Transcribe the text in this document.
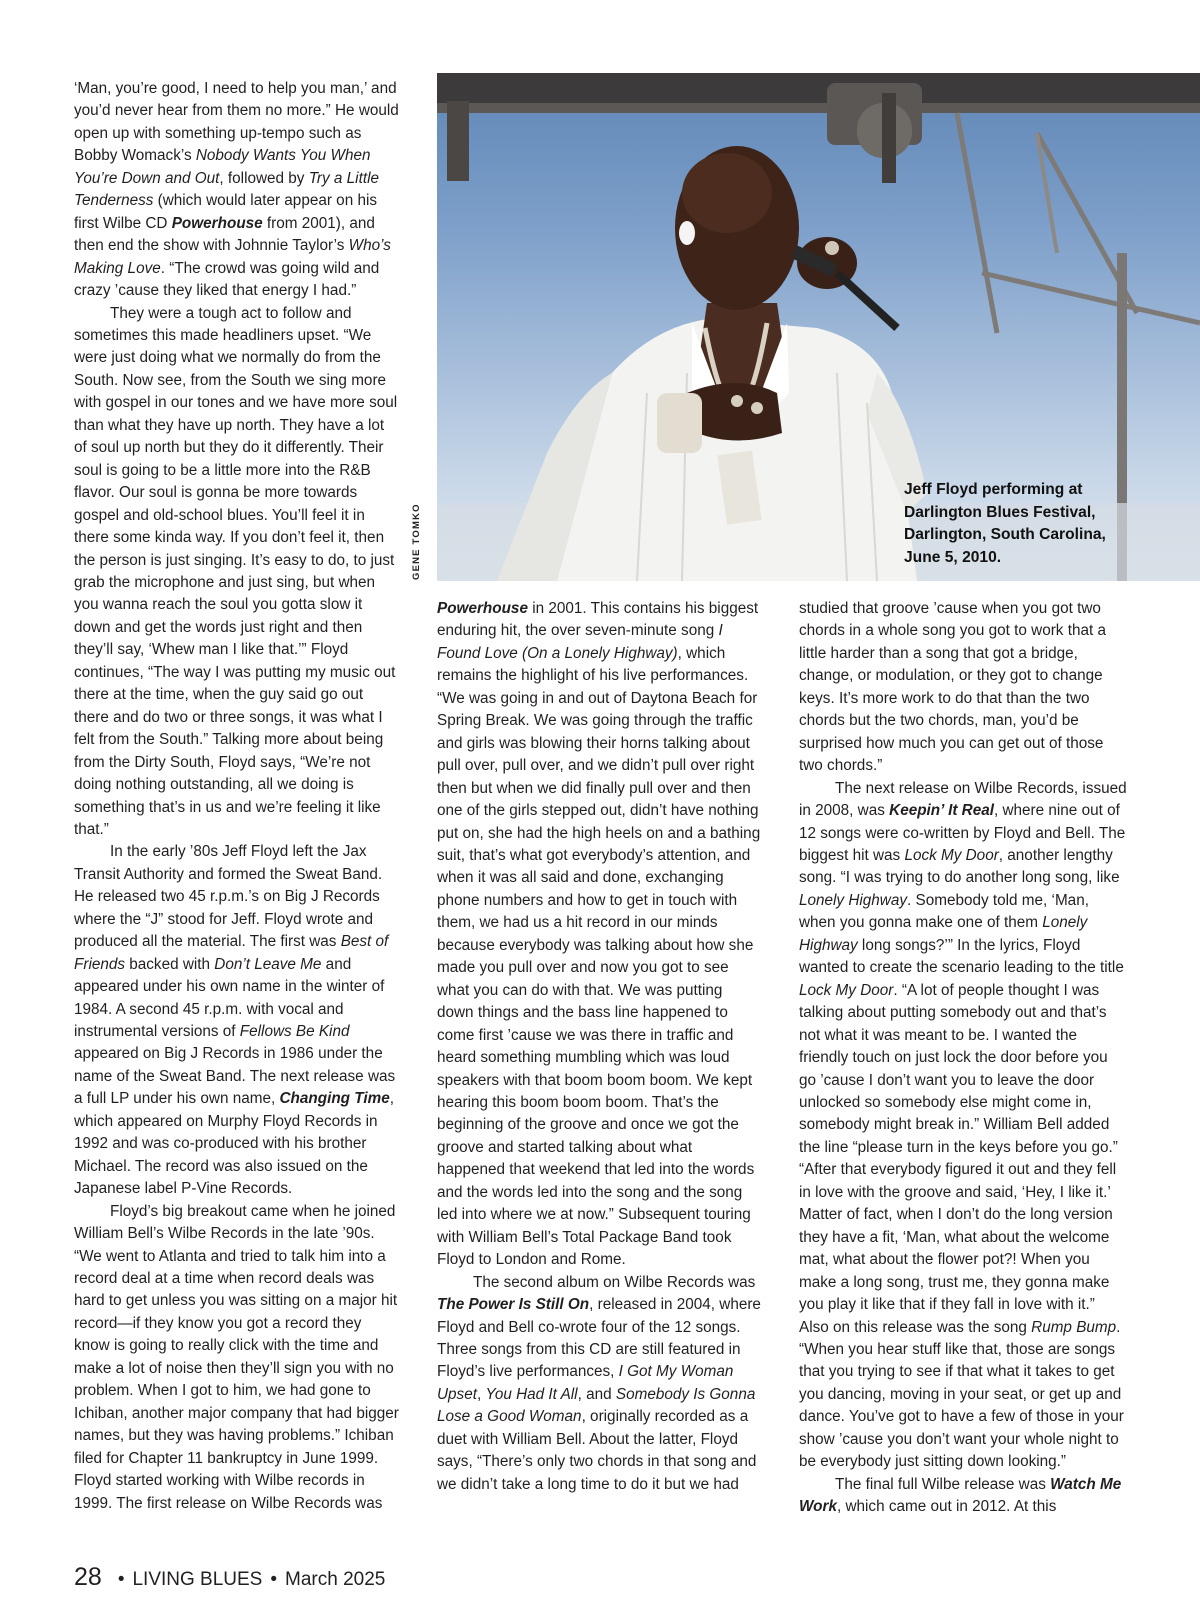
‘Man, you’re good, I need to help you man,’ and you’d never hear from them no more.” He would open up with something up-tempo such as Bobby Womack’s Nobody Wants You When You’re Down and Out, followed by Try a Little Tenderness (which would later appear on his first Wilbe CD Powerhouse from 2001), and then end the show with Johnnie Taylor’s Who’s Making Love. “The crowd was going wild and crazy ’cause they liked that energy I had.”

They were a tough act to follow and sometimes this made headliners upset. “We were just doing what we normally do from the South. Now see, from the South we sing more with gospel in our tones and we have more soul than what they have up north. They have a lot of soul up north but they do it differently. Their soul is going to be a little more into the R&B flavor. Our soul is gonna be more towards gospel and old-school blues. You’ll feel it in there some kinda way. If you don’t feel it, then the person is just singing. It’s easy to do, to just grab the microphone and just sing, but when you wanna reach the soul you gotta slow it down and get the words just right and then they’ll say, ‘Whew man I like that.’” Floyd continues, “The way I was putting my music out there at the time, when the guy said go out there and do two or three songs, it was what I felt from the South.” Talking more about being from the Dirty South, Floyd says, “We’re not doing nothing outstanding, all we doing is something that’s in us and we’re feeling it like that.”

In the early ’80s Jeff Floyd left the Jax Transit Authority and formed the Sweat Band. He released two 45 r.p.m.’s on Big J Records where the “J” stood for Jeff. Floyd wrote and produced all the material. The first was Best of Friends backed with Don’t Leave Me and appeared under his own name in the winter of 1984. A second 45 r.p.m. with vocal and instrumental versions of Fellows Be Kind appeared on Big J Records in 1986 under the name of the Sweat Band. The next release was a full LP under his own name, Changing Time, which appeared on Murphy Floyd Records in 1992 and was co-produced with his brother Michael. The record was also issued on the Japanese label P-Vine Records.

Floyd’s big breakout came when he joined William Bell’s Wilbe Records in the late ’90s. “We went to Atlanta and tried to talk him into a record deal at a time when record deals was hard to get unless you was sitting on a major hit record—if they know you got a record they know is going to really click with the time and make a lot of noise then they’ll sign you with no problem. When I got to him, we had gone to Ichiban, another major company that had bigger names, but they was having problems.” Ichiban filed for Chapter 11 bankruptcy in June 1999. Floyd started working with Wilbe records in 1999. The first release on Wilbe Records was

GENE TOMKO
Jeff Floyd performing at Darlington Blues Festival, Darlington, South Carolina, June 5, 2010.

Powerhouse in 2001. This contains his biggest enduring hit, the over seven-minute song I Found Love (On a Lonely Highway), which remains the highlight of his live performances. “We was going in and out of Daytona Beach for Spring Break. We was going through the traffic and girls was blowing their horns talking about pull over, pull over, and we didn’t pull over right then but when we did finally pull over and then one of the girls stepped out, didn’t have nothing put on, she had the high heels on and a bathing suit, that’s what got everybody’s attention, and when it was all said and done, exchanging phone numbers and how to get in touch with them, we had us a hit record in our minds because everybody was talking about how she made you pull over and now you got to see what you can do with that. We was putting down things and the bass line happened to come first ’cause we was there in traffic and heard something mumbling which was loud speakers with that boom boom boom. We kept hearing this boom boom boom. That’s the beginning of the groove and once we got the groove and started talking about what happened that weekend that led into the words and the words led into the song and the song led into where we at now.” Subsequent touring with William Bell’s Total Package Band took Floyd to London and Rome.

The second album on Wilbe Records was The Power Is Still On, released in 2004, where Floyd and Bell co-wrote four of the 12 songs. Three songs from this CD are still featured in Floyd’s live performances, I Got My Woman Upset, You Had It All, and Somebody Is Gonna Lose a Good Woman, originally recorded as a duet with William Bell. About the latter, Floyd says, “There’s only two chords in that song and we didn’t take a long time to do it but we had

studied that groove ’cause when you got two chords in a whole song you got to work that a little harder than a song that got a bridge, change, or modulation, or they got to change keys. It’s more work to do that than the two chords but the two chords, man, you’d be surprised how much you can get out of those two chords.”

The next release on Wilbe Records, issued in 2008, was Keepin’ It Real, where nine out of 12 songs were co-written by Floyd and Bell. The biggest hit was Lock My Door, another lengthy song. “I was trying to do another long song, like Lonely Highway. Somebody told me, ‘Man, when you gonna make one of them Lonely Highway long songs?’” In the lyrics, Floyd wanted to create the scenario leading to the title Lock My Door. “A lot of people thought I was talking about putting somebody out and that’s not what it was meant to be. I wanted the friendly touch on just lock the door before you go ’cause I don’t want you to leave the door unlocked so somebody else might come in, somebody might break in.” William Bell added the line “please turn in the keys before you go.” “After that everybody figured it out and they fell in love with the groove and said, ‘Hey, I like it.’ Matter of fact, when I don’t do the long version they have a fit, ‘Man, what about the welcome mat, what about the flower pot?! When you make a long song, trust me, they gonna make you play it like that if they fall in love with it.” Also on this release was the song Rump Bump. “When you hear stuff like that, those are songs that you trying to see if that what it takes to get you dancing, moving in your seat, or get up and dance. You’ve got to have a few of those in your show ’cause you don’t want your whole night to be everybody just sitting down looking.”

The final full Wilbe release was Watch Me Work, which came out in 2012. At this

28 • LIVING BLUES • March 2025
